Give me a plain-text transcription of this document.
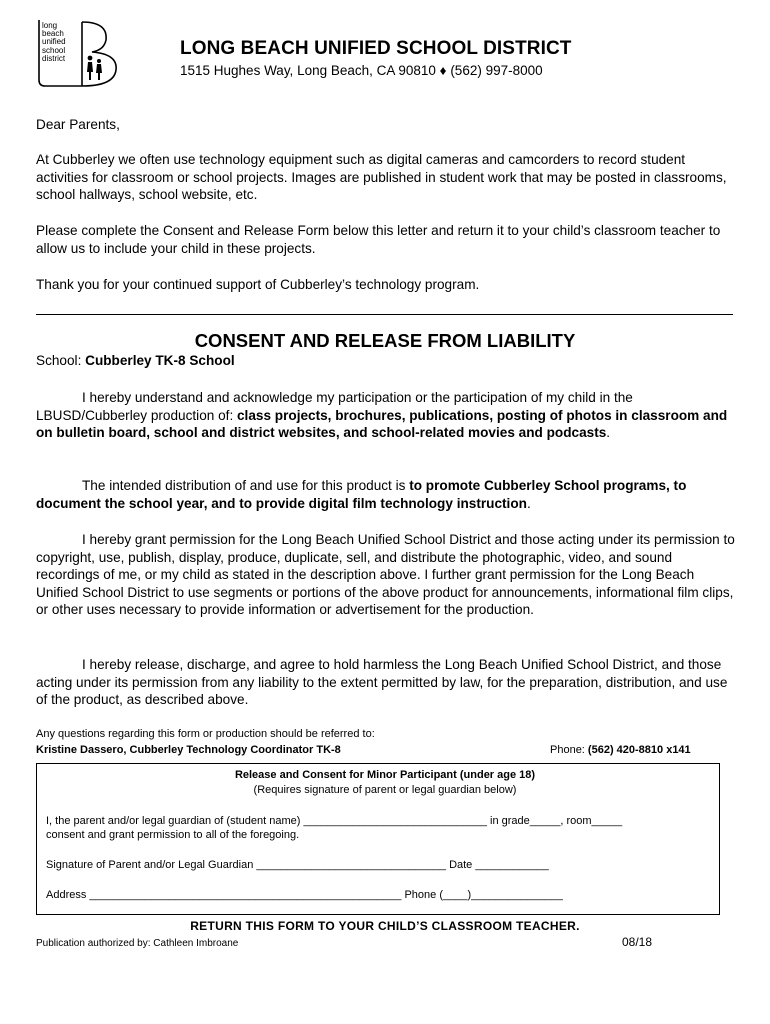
long
beach
unified
school
district	LONG BEACH UNIFIED SCHOOL DISTRICT
1515 Hughes Way, Long Beach, CA 90810 ♦ (562) 997-8000
Dear Parents,
At Cubberley we often use technology equipment such as digital cameras and camcorders to record student activities for classroom or school projects. Images are published in student work that may be posted in classrooms, school hallways, school website, etc.
Please complete the Consent and Release Form below this letter and return it to your child’s classroom teacher to allow us to include your child in these projects.
Thank you for your continued support of Cubberley’s technology program.
CONSENT AND RELEASE FROM LIABILITY
School: Cubberley TK-8 School
I hereby understand and acknowledge my participation or the participation of my child in the LBUSD/Cubberley production of: class projects, brochures, publications, posting of photos in classroom and on bulletin board, school and district websites, and school-related movies and podcasts.
The intended distribution of and use for this product is to promote Cubberley School programs, to document the school year, and to provide digital film technology instruction.
I hereby grant permission for the Long Beach Unified School District and those acting under its permission to copyright, use, publish, display, produce, duplicate, sell, and distribute the photographic, video, and sound recordings of me, or my child as stated in the description above. I further grant permission for the Long Beach Unified School District to use segments or portions of the above product for announcements, informational film clips, or other uses necessary to provide information or advertisement for the production.
I hereby release, discharge, and agree to hold harmless the Long Beach Unified School District, and those acting under its permission from any liability to the extent permitted by law, for the preparation, distribution, and use of the product, as described above.
Any questions regarding this form or production should be referred to:
Kristine Dassero, Cubberley Technology Coordinator TK-8	Phone: (562) 420-8810 x141
Release and Consent for Minor Participant (under age 18)
(Requires signature of parent or legal guardian below)
I, the parent and/or legal guardian of (student name) ______________________________ in grade_____, room_____
consent and grant permission to all of the foregoing.
Signature of Parent and/or Legal Guardian _______________________________ Date ____________
Address ___________________________________________________ Phone (____)_______________
RETURN THIS FORM TO YOUR CHILD’S CLASSROOM TEACHER.
Publication authorized by: Cathleen Imbroane	08/18
